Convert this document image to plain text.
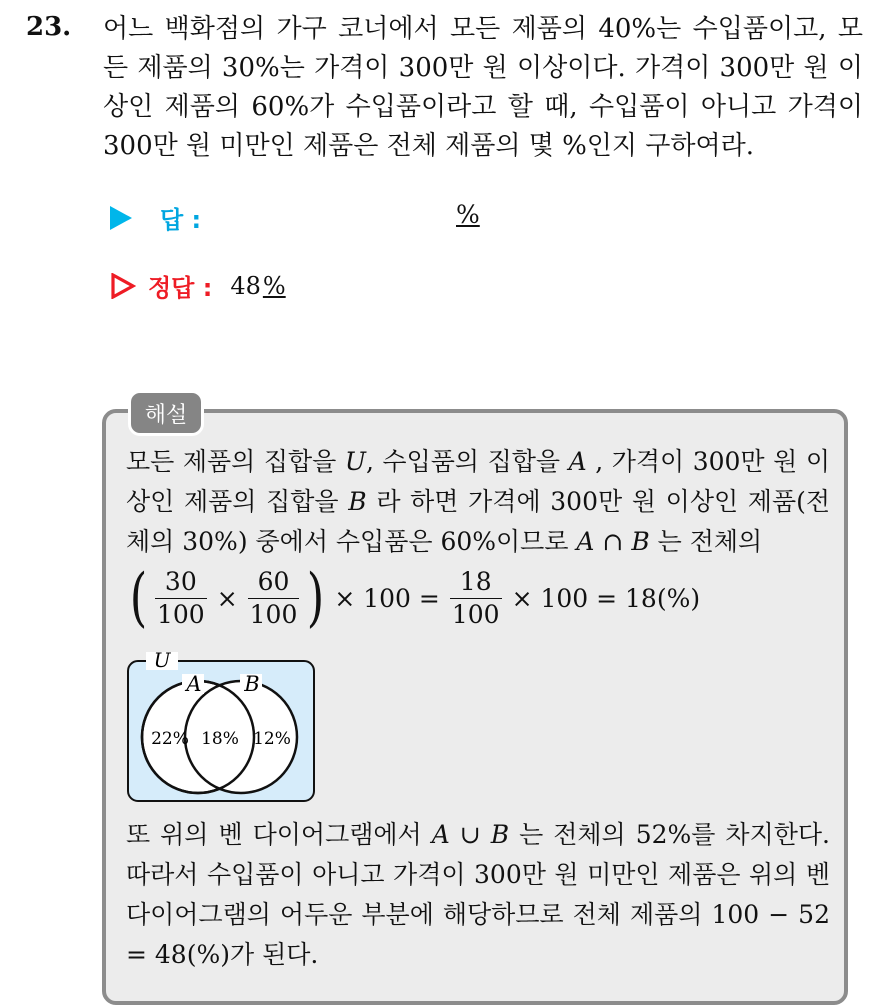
23. 어느 백화점의 가구 코너에서 모든 제품의 40%는 수입품이고, 모든 제품의 30%는 가격이 300만 원 이상이다. 가격이 300만 원 이상인 제품의 60%가 수입품이라고 할 때, 수입품이 아니고 가격이 300만 원 미만인 제품은 전체 제품의 몇 %인지 구하여라.
답 :	%
정답 : 48 %
해설
모든 제품의 집합을 U, 수입품의 집합을 A , 가격이 300만 원 이상인 제품의 집합을 B 라 하면 가격에 300만 원 이상인 제품(전체의 30%) 중에서 수입품은 60%이므로 A ∩ B 는 전체의
( $\frac{30}{100} \times \frac{60}{100}$ ) × $100 = \frac{18}{100} \times 100 = 18(\%)$
U
A B
22% 18% 12%
또 위의 벤 다이어그램에서 A ∪ B 는 전체의 52%를 차지한다. 따라서 수입품이 아니고 가격이 300만 원 미만인 제품은 위의 벤 다이어그램의 어두운 부분에 해당하므로 전체 제품의 100 − 52 = 48(%)가 된다.
